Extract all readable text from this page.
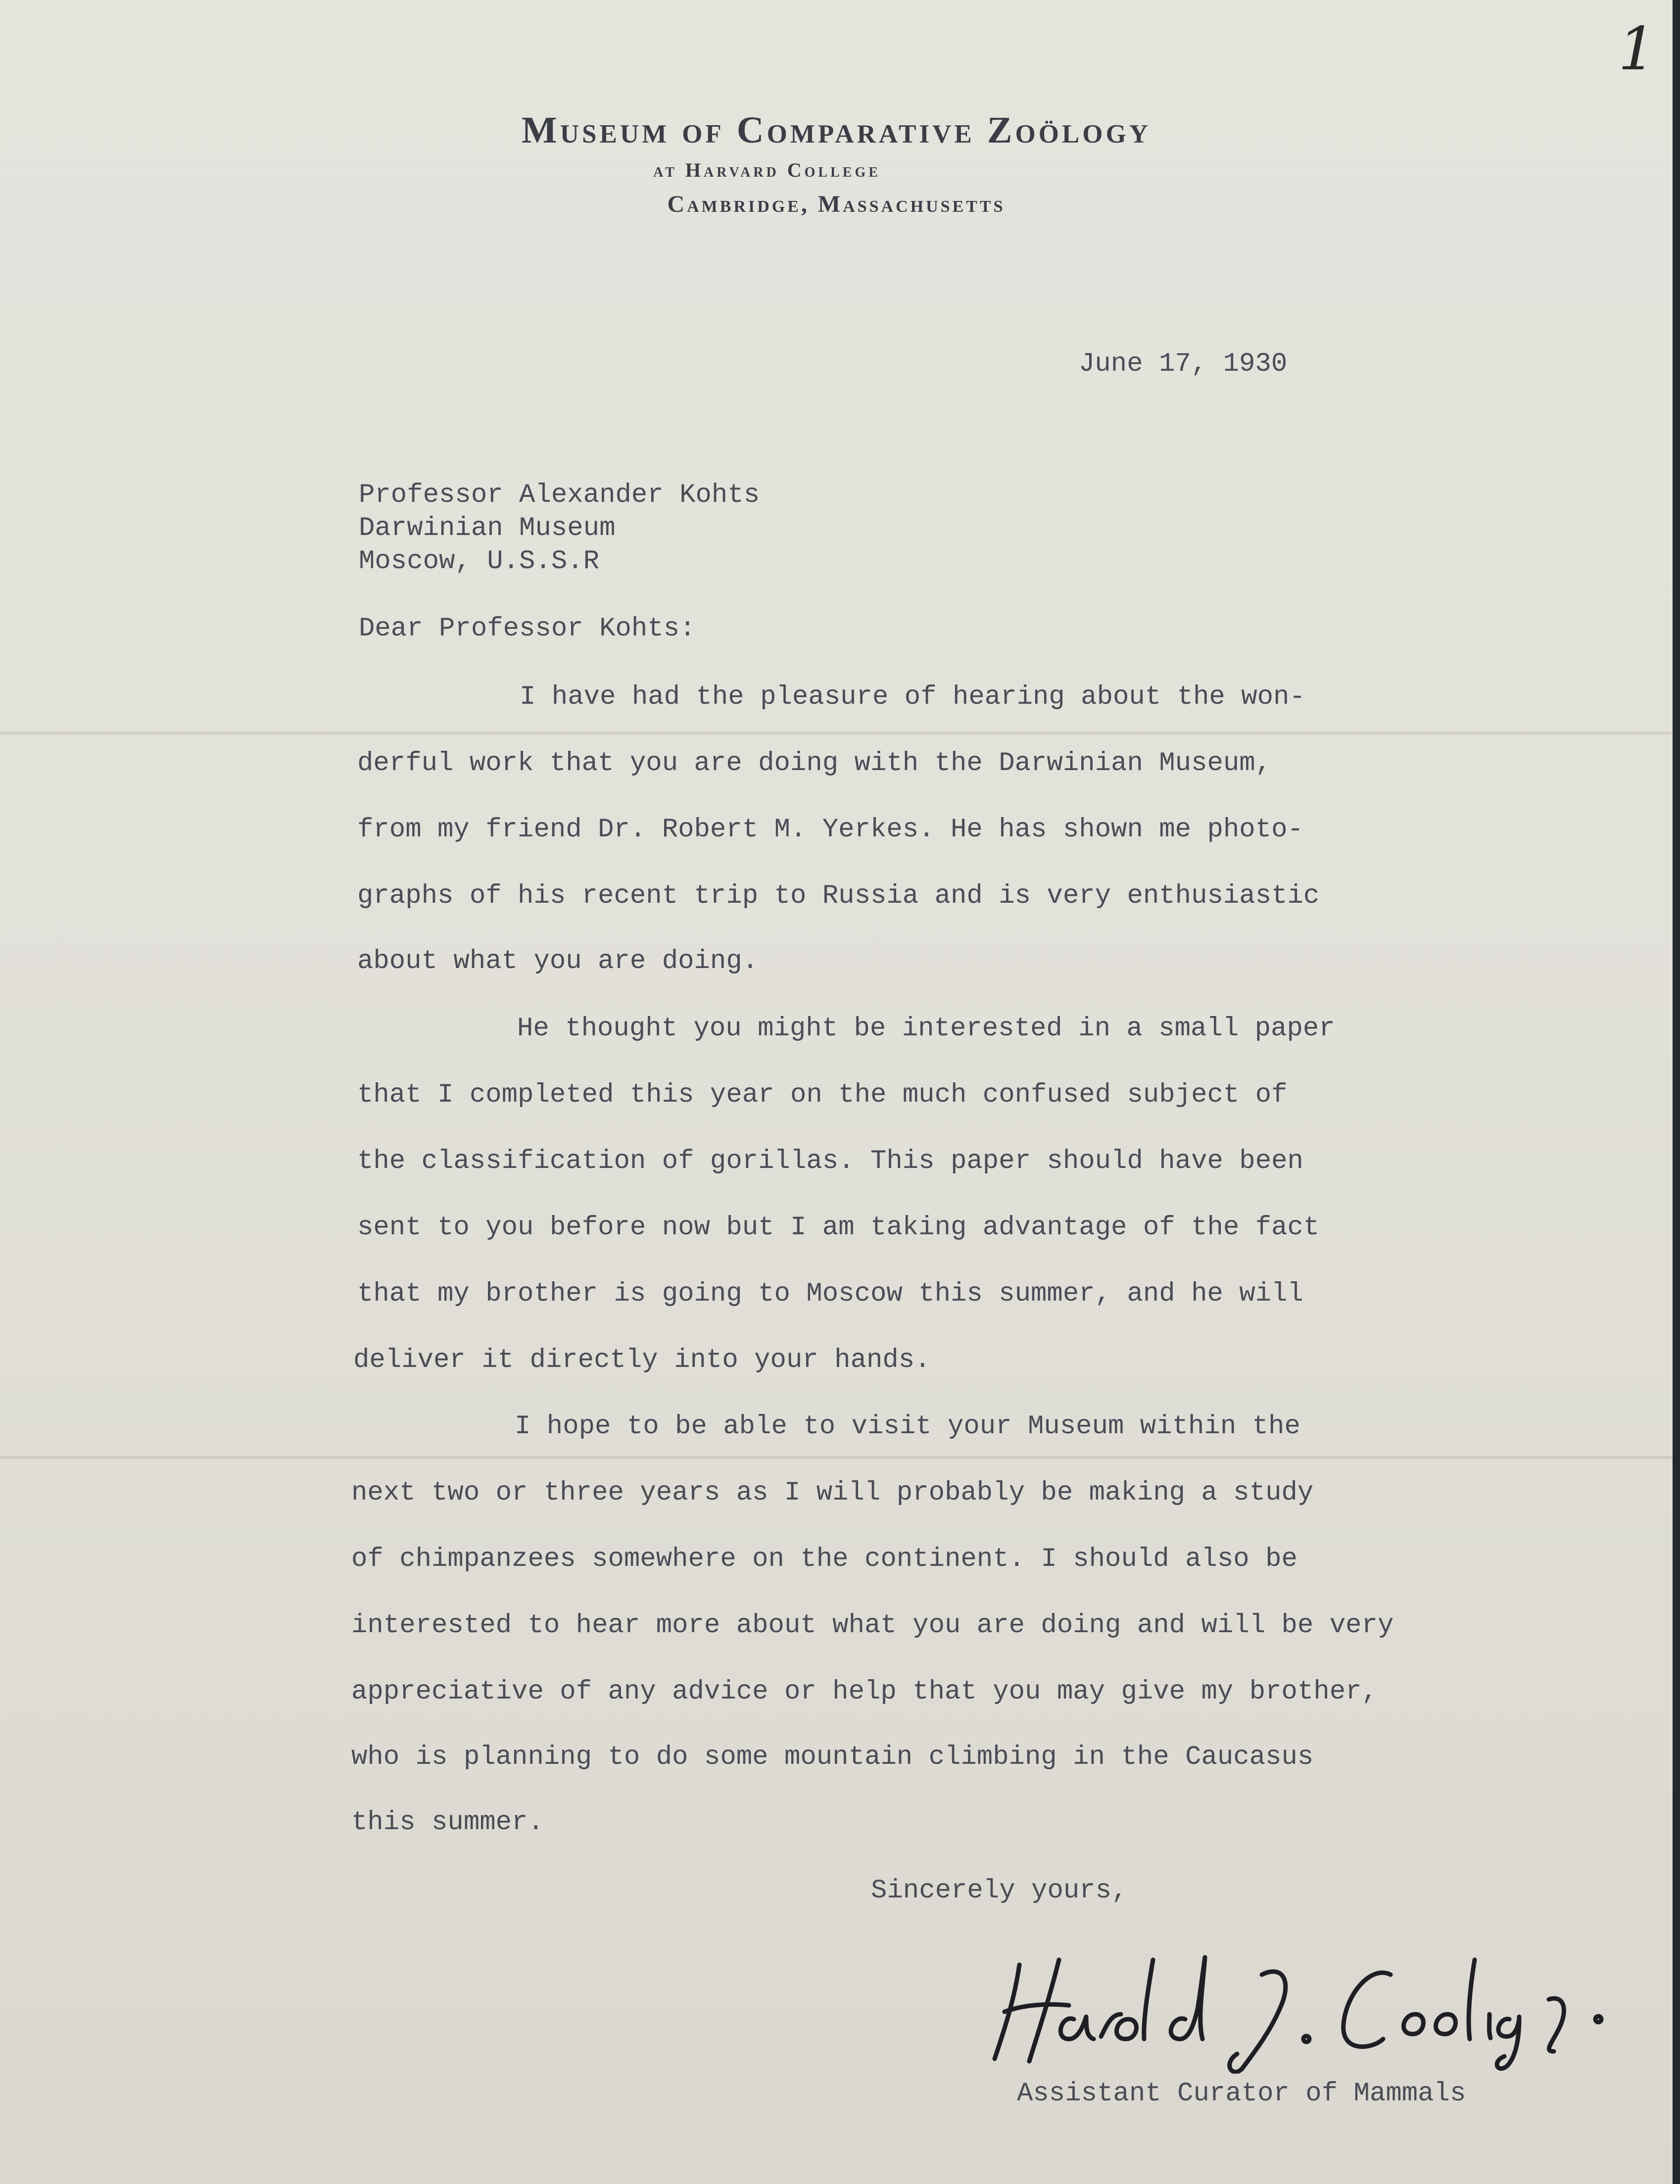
1
Museum of Comparative Zoölogy
at Harvard College
Cambridge, Massachusetts
June 17, 1930
Professor Alexander Kohts
Darwinian Museum
Moscow, U.S.S.R
Dear Professor Kohts:
I have had the pleasure of hearing about the won-
derful work that you are doing with the Darwinian Museum,
from my friend Dr. Robert M. Yerkes. He has shown me photo-
graphs of his recent trip to Russia and is very enthusiastic
about what you are doing.
He thought you might be interested in a small paper
that I completed this year on the much confused subject of
the classification of gorillas. This paper should have been
sent to you before now but I am taking advantage of the fact
that my brother is going to Moscow this summer, and he will
deliver it directly into your hands.
I hope to be able to visit your Museum within the
next two or three years as I will probably be making a study
of chimpanzees somewhere on the continent. I should also be
interested to hear more about what you are doing and will be very
appreciative of any advice or help that you may give my brother,
who is planning to do some mountain climbing in the Caucasus
this summer.
Sincerely yours,
Assistant Curator of Mammals
